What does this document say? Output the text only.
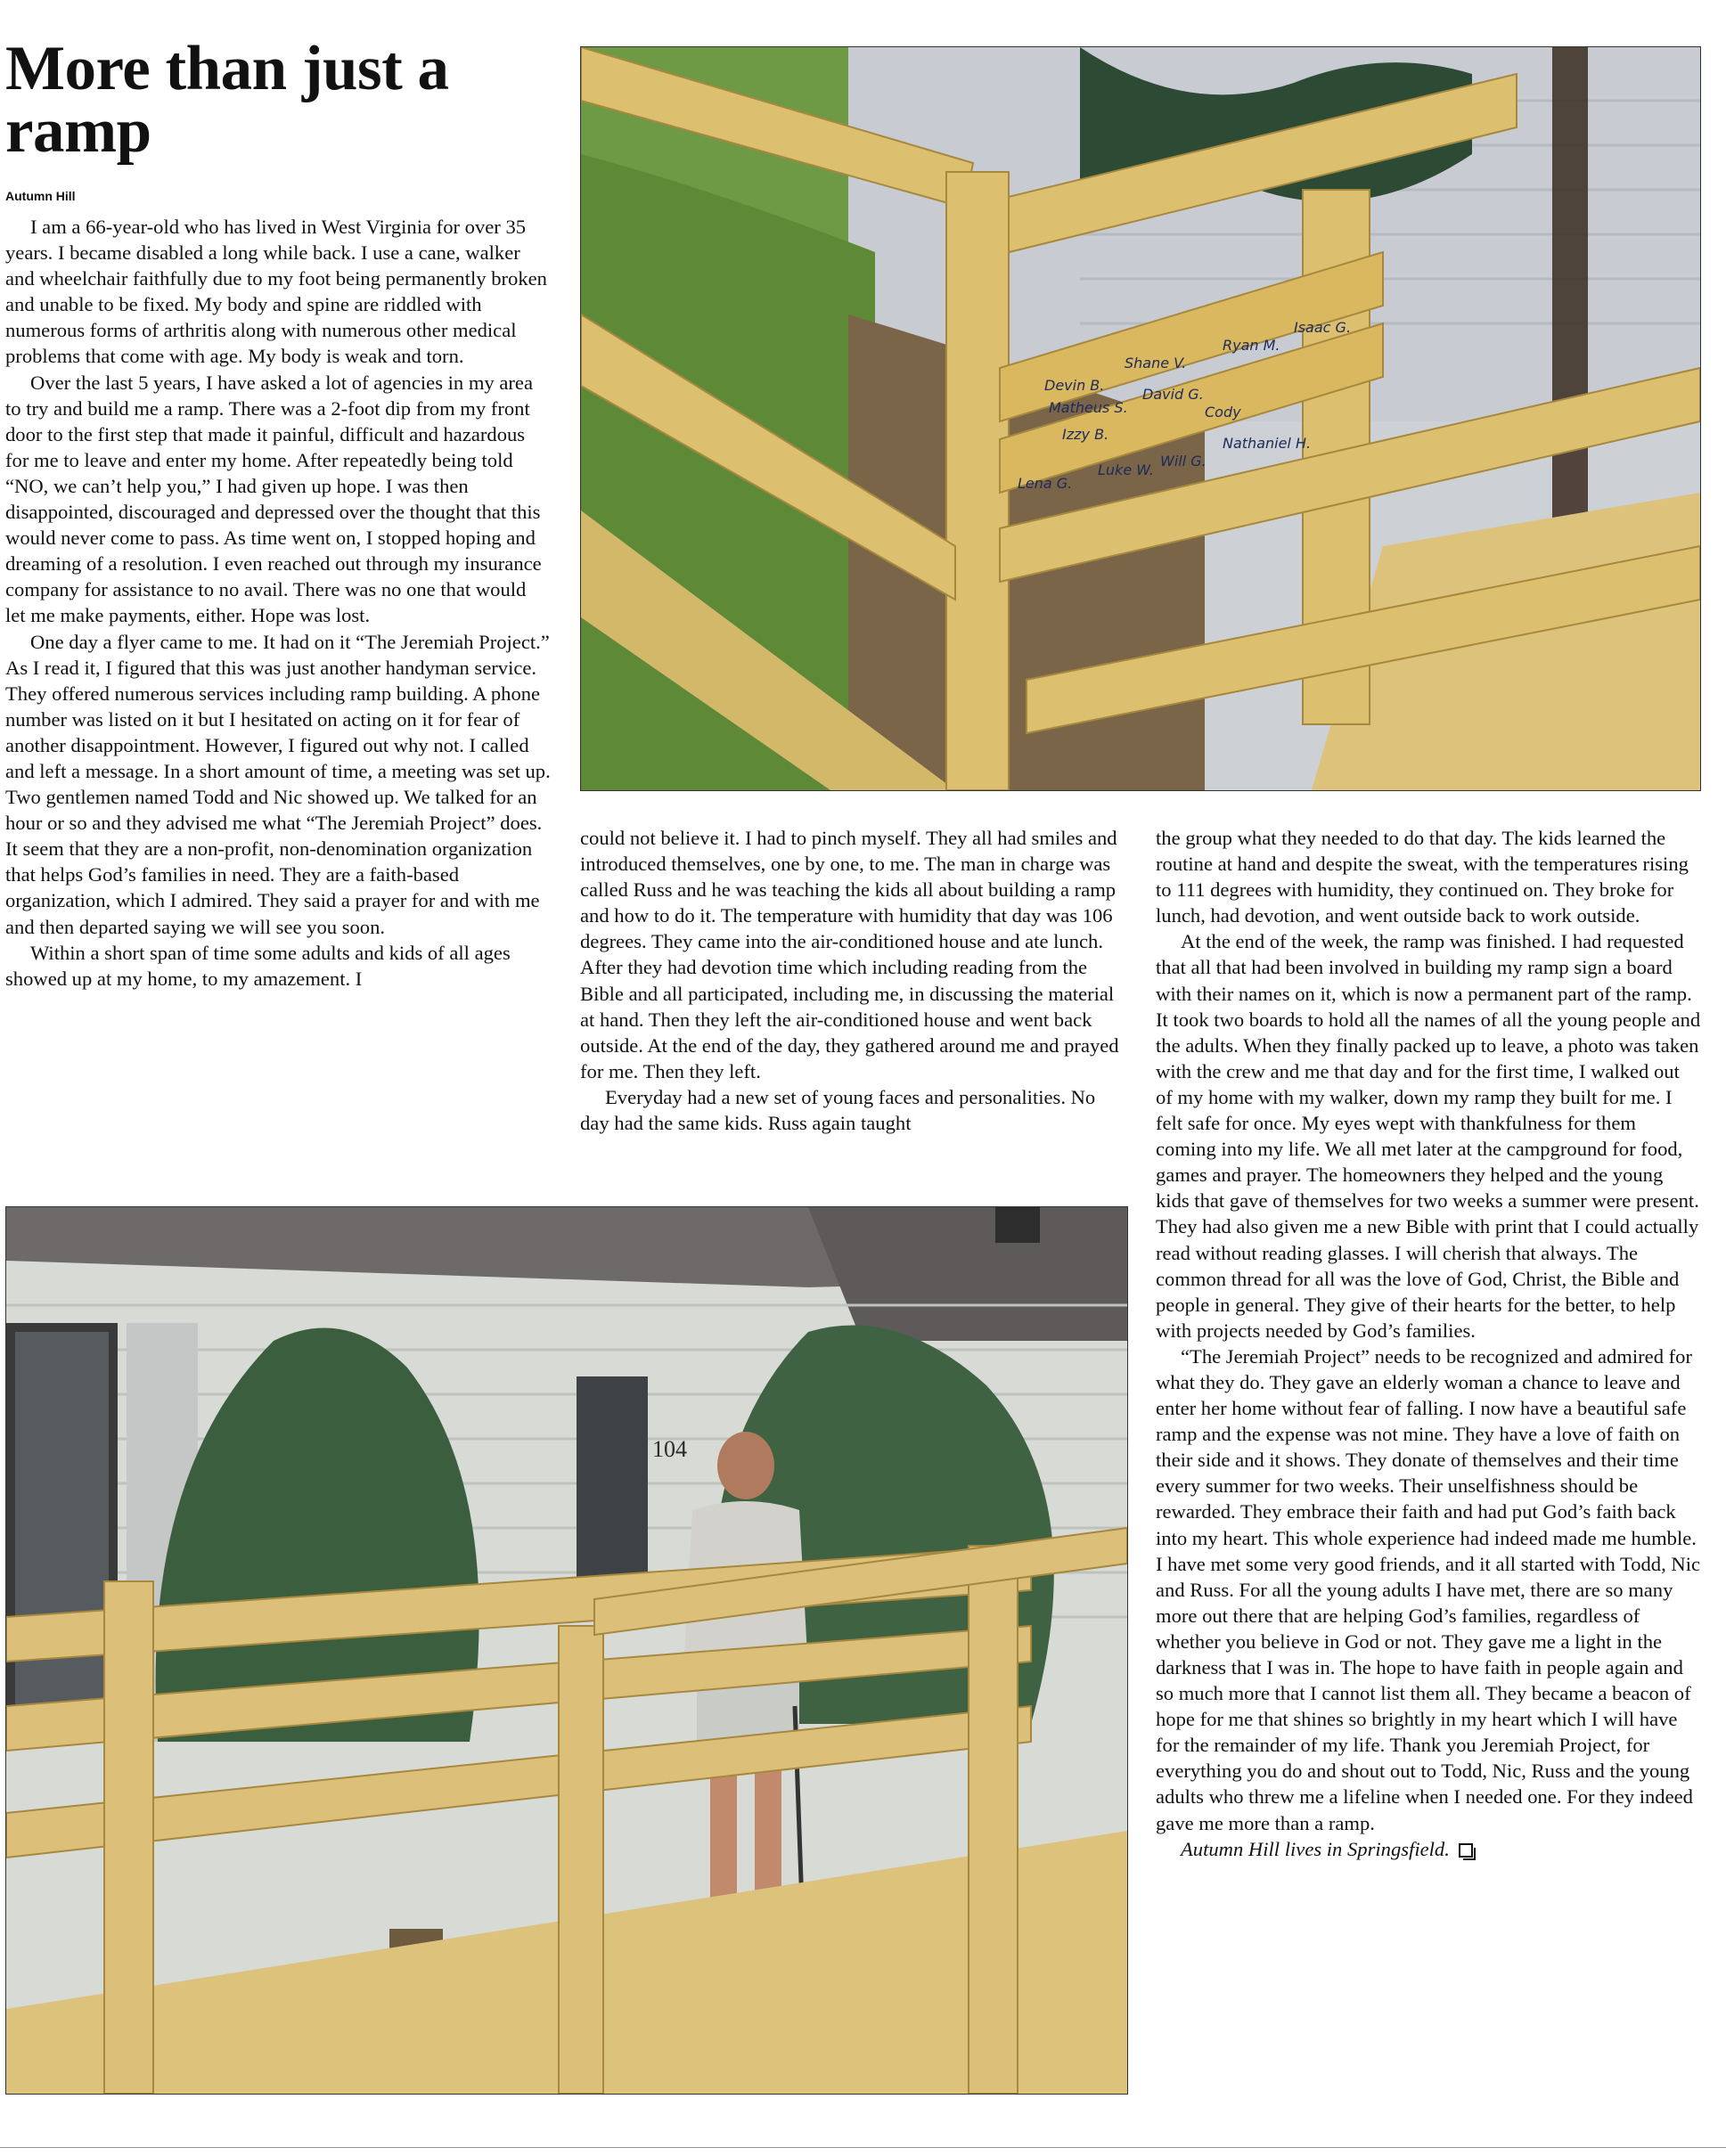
More than just a ramp
Autumn Hill

I am a 66-year-old who has lived in West Virginia for over 35 years. I became disabled a long while back. I use a cane, walker and wheelchair faithfully due to my foot being permanently broken and unable to be fixed. My body and spine are riddled with numerous forms of arthritis along with numerous other medical problems that come with age. My body is weak and torn.

Over the last 5 years, I have asked a lot of agencies in my area to try and build me a ramp. There was a 2-foot dip from my front door to the first step that made it painful, difficult and hazardous for me to leave and enter my home. After repeatedly being told “NO, we can’t help you,” I had given up hope. I was then disappointed, discouraged and depressed over the thought that this would never come to pass. As time went on, I stopped hoping and dreaming of a resolution. I even reached out through my insurance company for assistance to no avail. There was no one that would let me make payments, either. Hope was lost.

One day a flyer came to me. It had on it “The Jeremiah Project.” As I read it, I figured that this was just another handyman service. They offered numerous services including ramp building. A phone number was listed on it but I hesitated on acting on it for fear of another disappointment. However, I figured out why not. I called and left a message. In a short amount of time, a meeting was set up. Two gentlemen named Todd and Nic showed up. We talked for an hour or so and they advised me what “The Jeremiah Project” does. It seem that they are a non-profit, non-denomination organization that helps God’s families in need. They are a faith-based organization, which I admired. They said a prayer for and with me and then departed saying we will see you soon.

Within a short span of time some adults and kids of all ages showed up at my home, to my amazement. I

could not believe it. I had to pinch myself. They all had smiles and introduced themselves, one by one, to me. The man in charge was called Russ and he was teaching the kids all about building a ramp and how to do it. The temperature with humidity that day was 106 degrees. They came into the air-conditioned house and ate lunch. After they had devotion time which including reading from the Bible and all participated, including me, in discussing the material at hand. Then they left the air-conditioned house and went back outside. At the end of the day, they gathered around me and prayed for me. Then they left.

Everyday had a new set of young faces and personalities. No day had the same kids. Russ again taught

the group what they needed to do that day. The kids learned the routine at hand and despite the sweat, with the temperatures rising to 111 degrees with humidity, they continued on. They broke for lunch, had devotion, and went outside back to work outside.

At the end of the week, the ramp was finished. I had requested that all that had been involved in building my ramp sign a board with their names on it, which is now a permanent part of the ramp. It took two boards to hold all the names of all the young people and the adults. When they finally packed up to leave, a photo was taken with the crew and me that day and for the first time, I walked out of my home with my walker, down my ramp they built for me. I felt safe for once. My eyes wept with thankfulness for them coming into my life. We all met later at the campground for food, games and prayer. The homeowners they helped and the young kids that gave of themselves for two weeks a summer were present. They had also given me a new Bible with print that I could actually read without reading glasses. I will cherish that always. The common thread for all was the love of God, Christ, the Bible and people in general. They give of their hearts for the better, to help with projects needed by God’s families.

“The Jeremiah Project” needs to be recognized and admired for what they do. They gave an elderly woman a chance to leave and enter her home without fear of falling. I now have a beautiful safe ramp and the expense was not mine. They have a love of faith on their side and it shows. They donate of themselves and their time every summer for two weeks. Their unselfishness should be rewarded. They embrace their faith and had put God’s faith back into my heart. This whole experience had indeed made me humble. I have met some very good friends, and it all started with Todd, Nic and Russ. For all the young adults I have met, there are so many more out there that are helping God’s families, regardless of whether you believe in God or not. They gave me a light in the darkness that I was in. The hope to have faith in people again and so much more that I cannot list them all. They became a beacon of hope for me that shines so brightly in my heart which I will have for the remainder of my life. Thank you Jeremiah Project, for everything you do and shout out to Todd, Nic, Russ and the young adults who threw me a lifeline when I needed one. For they indeed gave me more than a ramp.

Autumn Hill lives in Springsfield.

Devin B.
Shane V.
Matheus S.
David G.
Ryan M.
Izzy B.
Isaac G.
Luke W.
Will G.
Nathaniel H.
Cody
Lena G.
104
